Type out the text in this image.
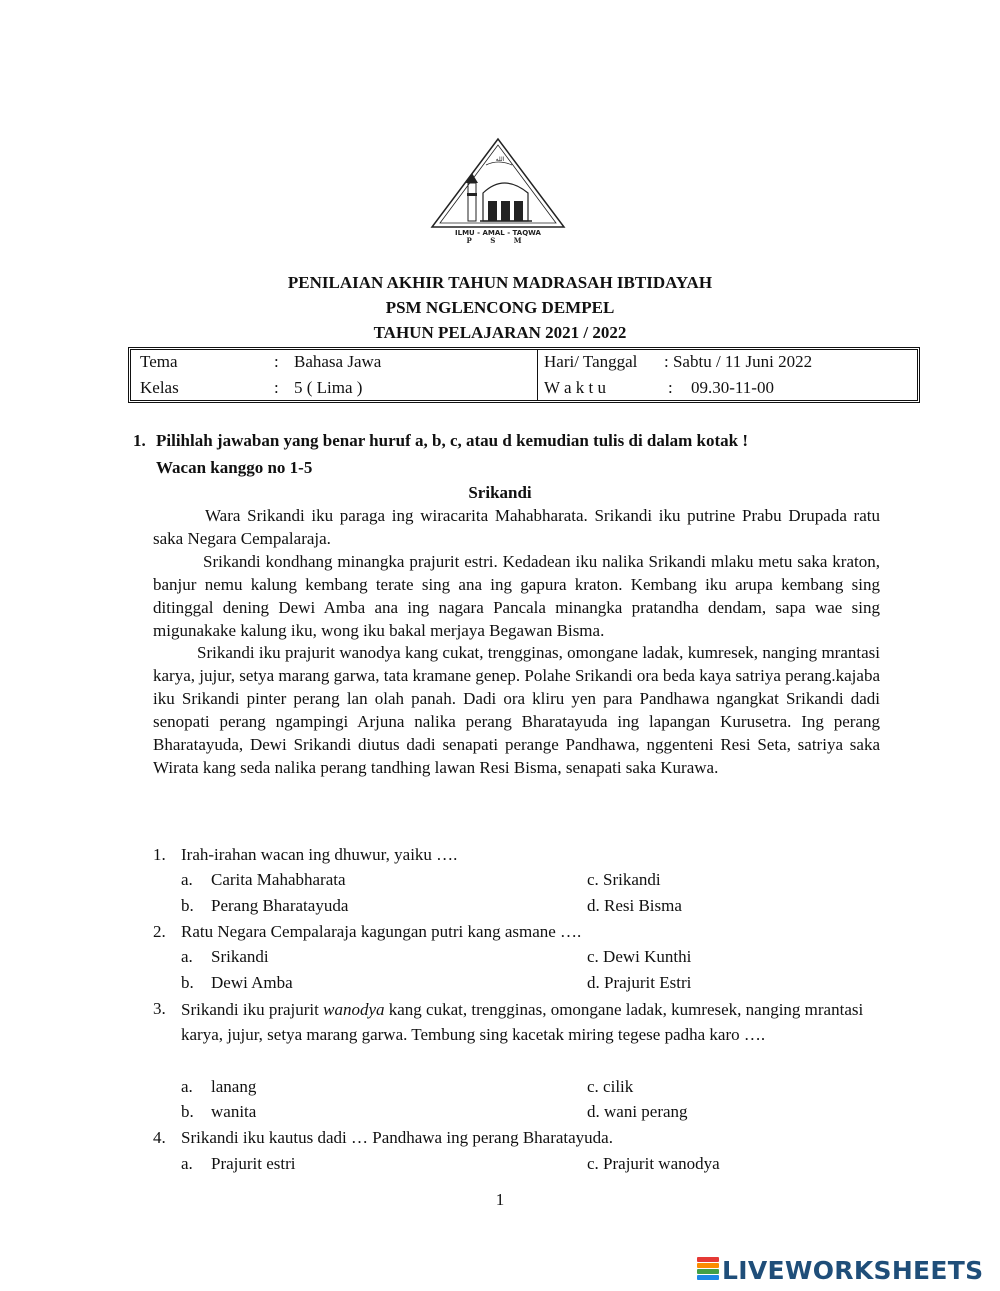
الله
ILMU - AMAL - TAQWA
P S M
PENILAIAN AKHIR TAHUN MADRASAH IBTIDAYAH
PSM NGLENCONG DEMPEL
TAHUN PELAJARAN 2021 / 2022
Tema	: Bahasa Jawa
Kelas	: 5 ( Lima )
Hari/ Tanggal : Sabtu / 11 Juni 2022
W a k t u	: 09.30-11-00
1. Pilihlah jawaban yang benar huruf a, b, c, atau d kemudian tulis di dalam kotak !
Wacan kanggo no 1-5
Srikandi

Wara Srikandi iku paraga ing wiracarita Mahabharata. Srikandi iku putrine Prabu Drupada ratu saka Negara Cempalaraja.

Srikandi kondhang minangka prajurit estri. Kedadean iku nalika Srikandi mlaku metu saka kraton, banjur nemu kalung kembang terate sing ana ing gapura kraton. Kembang iku arupa kembang sing ditinggal dening Dewi Amba ana ing nagara Pancala minangka pratandha dendam, sapa wae sing migunakake kalung iku, wong iku bakal merjaya Begawan Bisma.

Srikandi iku prajurit wanodya kang cukat, trengginas, omongane ladak, kumresek, nanging mrantasi karya, jujur, setya marang garwa, tata kramane genep. Polahe Srikandi ora beda kaya satriya perang.kajaba iku Srikandi pinter perang lan olah panah. Dadi ora kliru yen para Pandhawa ngangkat Srikandi dadi senopati perang ngampingi Arjuna nalika perang Bharatayuda ing lapangan Kurusetra. Ing perang Bharatayuda, Dewi Srikandi diutus dadi senapati perange Pandhawa, nggenteni Resi Seta, satriya saka Wirata kang seda nalika perang tandhing lawan Resi Bisma, senapati saka Kurawa.

1. Irah-irahan wacan ing dhuwur, yaiku ….
a. Carita Mahabharata	c. Srikandi
b. Perang Bharatayuda	d. Resi Bisma
2. Ratu Negara Cempalaraja kagungan putri kang asmane ….
a. Srikandi	c. Dewi Kunthi
b. Dewi Amba	d. Prajurit Estri
3. Srikandi iku prajurit wanodya kang cukat, trengginas, omongane ladak, kumresek, nanging mrantasi karya, jujur, setya marang garwa. Tembung sing kacetak miring tegese padha karo ….
a. lanang	c. cilik
b. wanita	d. wani perang
4. Srikandi iku kautus dadi … Pandhawa ing perang Bharatayuda.
a. Prajurit estri	c. Prajurit wanodya
1
LIVEWORKSHEETS
